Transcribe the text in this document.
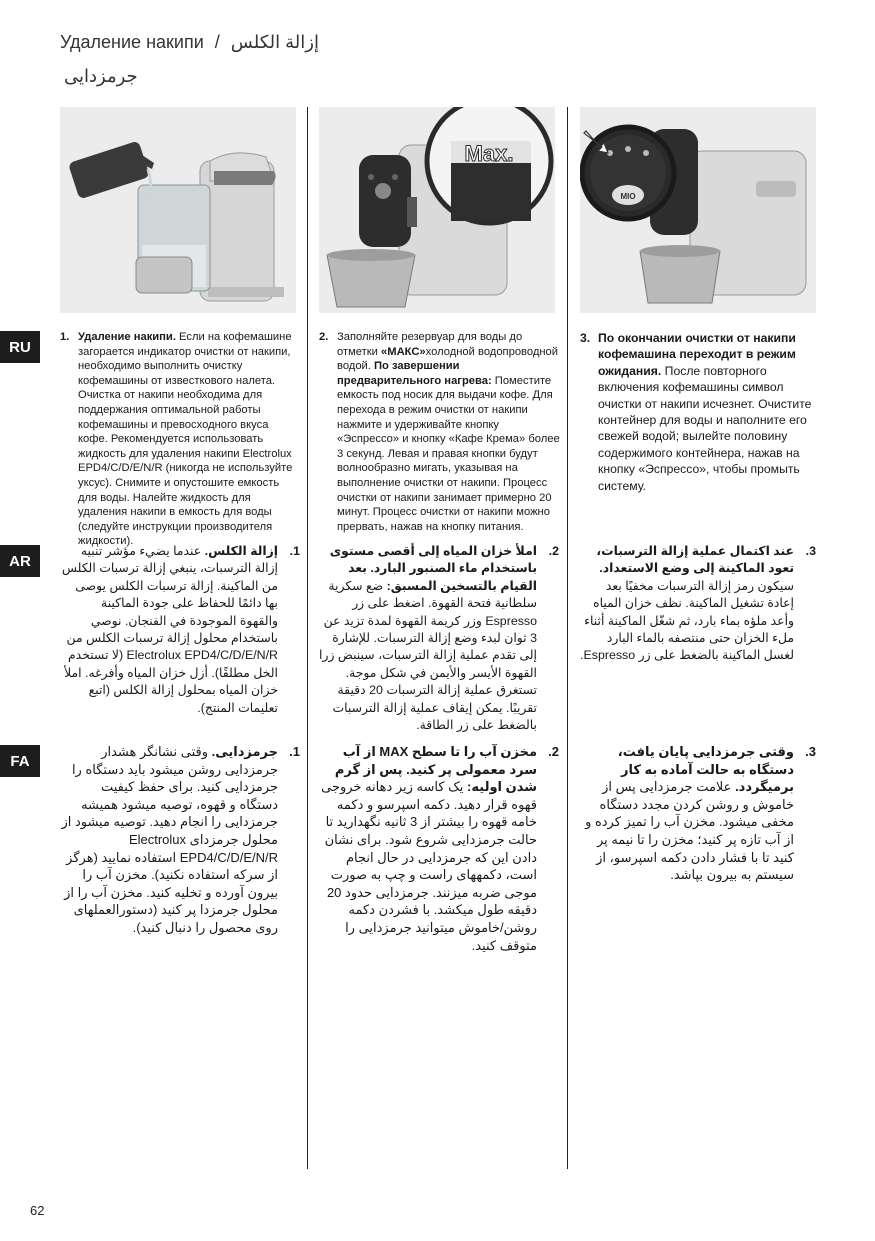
Удаление накипи / إزالة الكلس
جرمزدایی
Max.
MIO
RU
AR
FA
1. Удаление накипи. Если на кофемашине загорается индикатор очистки от накипи, необходимо выполнить очистку кофемашины от известкового налета. Очистка от накипи необходима для поддержания оптимальной работы кофемашины и превосходного вкуса кофе. Рекомендуется использовать жидкость для удаления накипи Electrolux EPD4/C/D/E/N/R (никогда не используйте уксус). Снимите и опустошите емкость для воды. Налейте жидкость для удаления накипи в емкость для воды (следуйте инструкции производителя жидкости).
2. Заполняйте резервуар для воды до отметки «МАКС»холодной водопроводной водой. По завершении предварительного нагрева: Поместите емкость под носик для выдачи кофе. Для перехода в режим очистки от накипи нажмите и удерживайте кнопку «Эспрессо» и кнопку «Кафе Крема» более 3 секунд. Левая и правая кнопки будут волнообразно мигать, указывая на выполнение очистки от накипи. Процесс очистки от накипи занимает примерно 20 минут. Процесс очистки от накипи можно прервать, нажав на кнопку питания.
3. По окончании очистки от накипи кофемашина переходит в режим ожидания. После повторного включения кофемашины символ очистки от накипи исчезнет. Очистите контейнер для воды и наполните его свежей водой; вылейте половину содержимого контейнера, нажав на кнопку «Эспрессо», чтобы промыть систему.
1.
إزالة الكلس. عندما يضيء مؤشر تنبيه إزالة الترسبات، ينبغي إزالة ترسبات الكلس من الماكينة. إزالة ترسبات الكلس يوصى بها دائمًا للحفاظ على جودة الماكينة والقهوة الموجودة في الفنجان. نوصي باستخدام محلول إزالة ترسبات الكلس من Electrolux EPD4/C/D/E/N/R (لا تستخدم الخل مطلقًا). أزل خزان المياه وأفرغه. املأ خزان المياه بمحلول إزالة الكلس (اتبع تعليمات المنتج).
2.
املأ خزان المياه إلى أقصى مستوى باستخدام ماء الصنبور البارد. بعد القيام بالتسخين المسبق: ضع سكرية سلطانية فتحة القهوة. اضغط على زر Espresso وزر كريمة القهوة لمدة تزيد عن 3 ثوان لبدء وضع إزالة الترسبات. للإشارة إلى تقدم عملية إزالة الترسبات، سينبض زرا القهوة الأيسر والأيمن في شكل موجة. تستغرق عملية إزالة الترسبات 20 دقيقة تقريبًا. يمكن إيقاف عملية إزالة الترسبات بالضغط على زر الطاقة.
3.
عند اكتمال عملية إزالة الترسبات، تعود الماكينة إلى وضع الاستعداد. سيكون رمز إزالة الترسبات مخفيًا بعد إعادة تشغيل الماكينة. نظف خزان المياه وأعد ملؤه بماء بارد، ثم شغّل الماكينة أثناء ملء الخزان حتى منتصفه بالماء البارد لغسل الماكينة بالضغط على زر Espresso.
1.
جرمزدایی. وقتی نشانگر هشدار جرمزدایی روشن میشود باید دستگاه را جرمزدایی کنید. برای حفظ کیفیت دستگاه و قهوه، توصیه میشود همیشه جرمزدایی را انجام دهید. توصیه میشود از محلول جرمزدای Electrolux EPD4/C/D/E/N/R استفاده نمایید (هرگز از سرکه استفاده نکنید). مخزن آب را بیرون آورده و تخلیه کنید. مخزن آب را از محلول جرمزدا پر کنید (دستورالعملهای روی محصول را دنبال کنید).
2.
مخزن آب را تا سطح MAX از آب سرد معمولی پر کنید. پس از گرم شدن اولیه: یک کاسه زیر دهانه خروجی قهوه قرار دهید. دکمه اسپرسو و دکمه خامه قهوه را بیشتر از 3 ثانیه نگهدارید تا حالت جرمزدایی شروع شود. برای نشان دادن این که جرمزدایی در حال انجام است، دکمههای راست و چپ به صورت موجی ضربه میزنند. جرمزدایی حدود 20 دقیقه طول میکشد. با فشردن دکمه روشن/خاموش میتوانید جرمزدایی را متوقف کنید.
3.
وقتی جرمزدایی پایان یافت، دستگاه به حالت آماده به کار برمیگردد. علامت جرمزدایی پس از خاموش و روشن کردن مجدد دستگاه مخفی میشود. مخزن آب را تمیز کرده و از آب تازه پر کنید؛ مخزن را تا نیمه پر کنید تا با فشار دادن دکمه اسپرسو، از سیستم به بیرون بپاشد.
62
